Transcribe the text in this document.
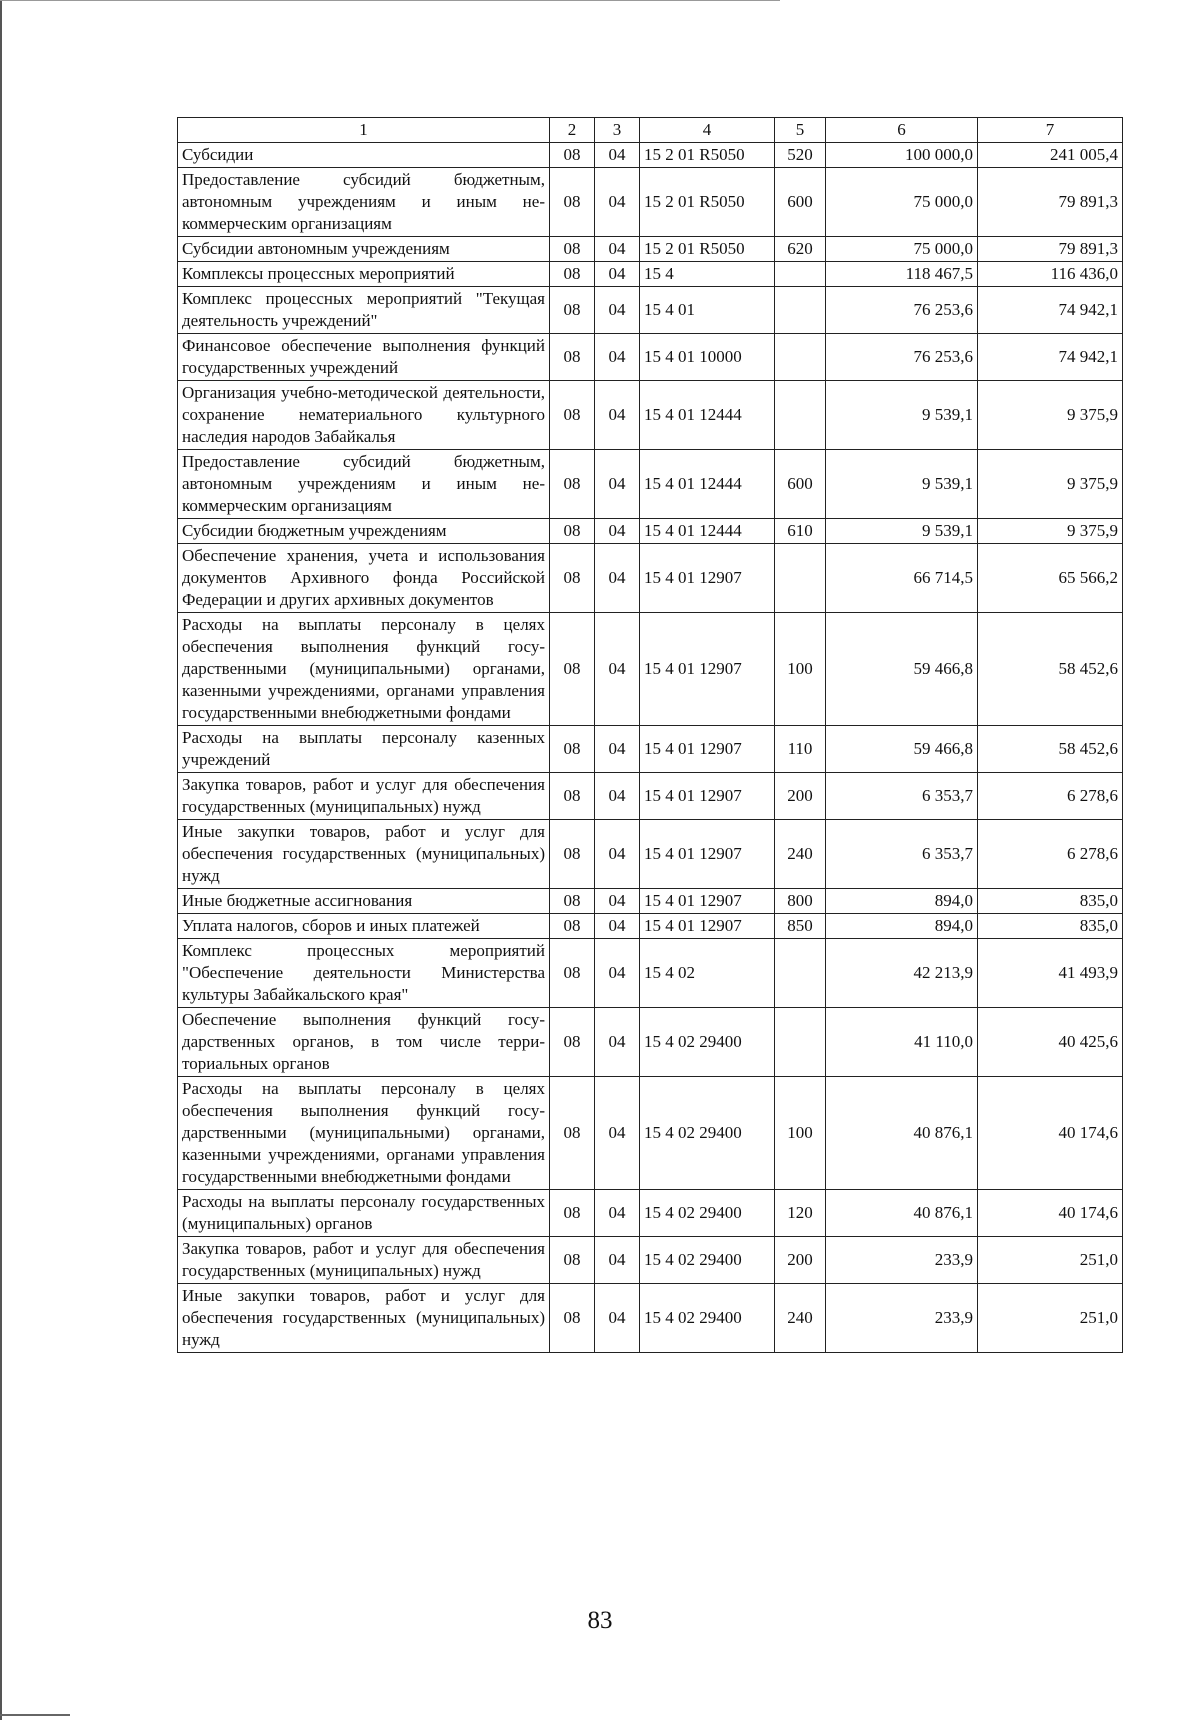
1	2	3	4	5	6	7
Субсидии	08	04	15 2 01 R5050	520	100 000,0	241 005,4
Предоставление субсидий бюджетным, автономным учреждениям и иным некоммерческим организациям	08	04	15 2 01 R5050	600	75 000,0	79 891,3
Субсидии автономным учреждениям	08	04	15 2 01 R5050	620	75 000,0	79 891,3
Комплексы процессных мероприятий	08	04	15 4		118 467,5	116 436,0
Комплекс процессных мероприятий "Текущая деятельность учреждений"	08	04	15 4 01		76 253,6	74 942,1
Финансовое обеспечение выполнения функций государственных учреждений	08	04	15 4 01 10000		76 253,6	74 942,1
Организация учебно-методической деятельности, сохранение нематериального культурного наследия народов Забайкалья	08	04	15 4 01 12444		9 539,1	9 375,9
Предоставление субсидий бюджетным, автономным учреждениям и иным некоммерческим организациям	08	04	15 4 01 12444	600	9 539,1	9 375,9
Субсидии бюджетным учреждениям	08	04	15 4 01 12444	610	9 539,1	9 375,9
Обеспечение хранения, учета и использования документов Архивного фонда Российской Федерации и других архивных документов	08	04	15 4 01 12907		66 714,5	65 566,2
Расходы на выплаты персоналу в целях обеспечения выполнения функций государственными (муниципальными) органами, казенными учреждениями, органами управления государственными внебюджетными фондами	08	04	15 4 01 12907	100	59 466,8	58 452,6
Расходы на выплаты персоналу казенных учреждений	08	04	15 4 01 12907	110	59 466,8	58 452,6
Закупка товаров, работ и услуг для обеспечения государственных (муниципальных) нужд	08	04	15 4 01 12907	200	6 353,7	6 278,6
Иные закупки товаров, работ и услуг для обеспечения государственных (муниципальных) нужд	08	04	15 4 01 12907	240	6 353,7	6 278,6
Иные бюджетные ассигнования	08	04	15 4 01 12907	800	894,0	835,0
Уплата налогов, сборов и иных платежей	08	04	15 4 01 12907	850	894,0	835,0
Комплекс процессных мероприятий "Обеспечение деятельности Министерства культуры Забайкальского края"	08	04	15 4 02		42 213,9	41 493,9
Обеспечение выполнения функций государственных органов, в том числе территориальных органов	08	04	15 4 02 29400		41 110,0	40 425,6
Расходы на выплаты персоналу в целях обеспечения выполнения функций государственными (муниципальными) органами, казенными учреждениями, органами управления государственными внебюджетными фондами	08	04	15 4 02 29400	100	40 876,1	40 174,6
Расходы на выплаты персоналу государственных (муниципальных) органов	08	04	15 4 02 29400	120	40 876,1	40 174,6
Закупка товаров, работ и услуг для обеспечения государственных (муниципальных) нужд	08	04	15 4 02 29400	200	233,9	251,0
Иные закупки товаров, работ и услуг для обеспечения государственных (муниципальных) нужд	08	04	15 4 02 29400	240	233,9	251,0
83
